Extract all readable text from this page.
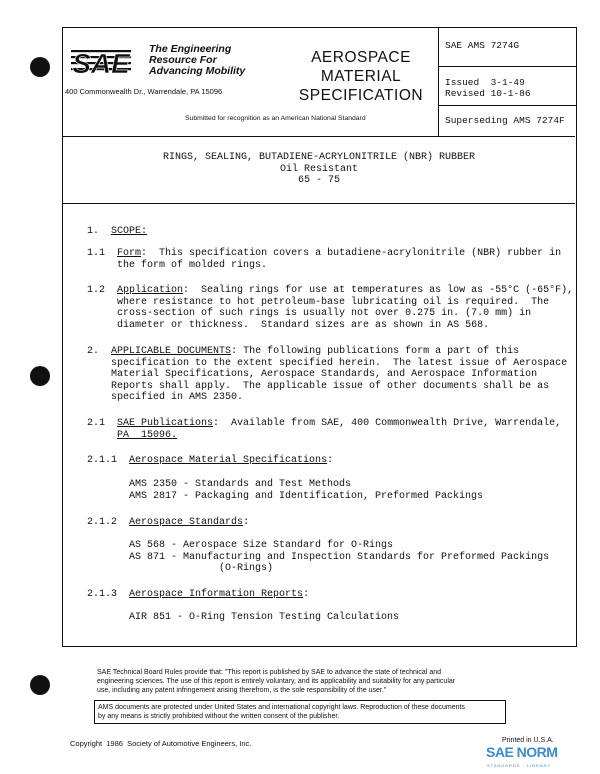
SAE The Engineering
Resource For
Advancing Mobility
400 Commonwealth Dr., Warrendale, PA 15096
AEROSPACE
MATERIAL
SPECIFICATION
Submitted for recognition as an American National Standard
SAE AMS 7274G
Issued  3-1-49
Revised 10-1-86
Superseding AMS 7274F
RINGS, SEALING, BUTADIENE-ACRYLONITRILE (NBR) RUBBER
Oil Resistant
65 - 75
1. SCOPE:
1.1 Form:  This specification covers a butadiene-acrylonitrile (NBR) rubber in
the form of molded rings.
1.2 Application:  Sealing rings for use at temperatures as low as -55°C (-65°F),
where resistance to hot petroleum-base lubricating oil is required.  The
cross-section of such rings is usually not over 0.275 in. (7.0 mm) in
diameter or thickness.  Standard sizes are as shown in AS 568.
2. APPLICABLE DOCUMENTS: The following publications form a part of this
specification to the extent specified herein.  The latest issue of Aerospace
Material Specifications, Aerospace Standards, and Aerospace Information
Reports shall apply.  The applicable issue of other documents shall be as
specified in AMS 2350.
2.1 SAE Publications:  Available from SAE, 400 Commonwealth Drive, Warrendale,
PA  15096.
2.1.1 Aerospace Material Specifications:
AMS 2350 - Standards and Test Methods
AMS 2817 - Packaging and Identification, Preformed Packings
2.1.2 Aerospace Standards:
AS 568 - Aerospace Size Standard for O-Rings
AS 871 - Manufacturing and Inspection Standards for Preformed Packings
(O-Rings)
2.1.3 Aerospace Information Reports:
AIR 851 - O-Ring Tension Testing Calculations
SAE Technical Board Rules provide that: "This report is published by SAE to advance the state of technical and
engineering sciences. The use of this report is entirely voluntary, and its applicability and suitability for any particular
use, including any patent infringement arising therefrom, is the sole responsibility of the user."
AMS documents are protected under United States and international copyright laws. Reproduction of these documents
by any means is strictly prohibited without the written consent of the publisher.
Copyright  1986  Society of Automotive Engineers, Inc.	Printed in U.S.A.
SAE NORM
STANDARDS · LIBRARY
